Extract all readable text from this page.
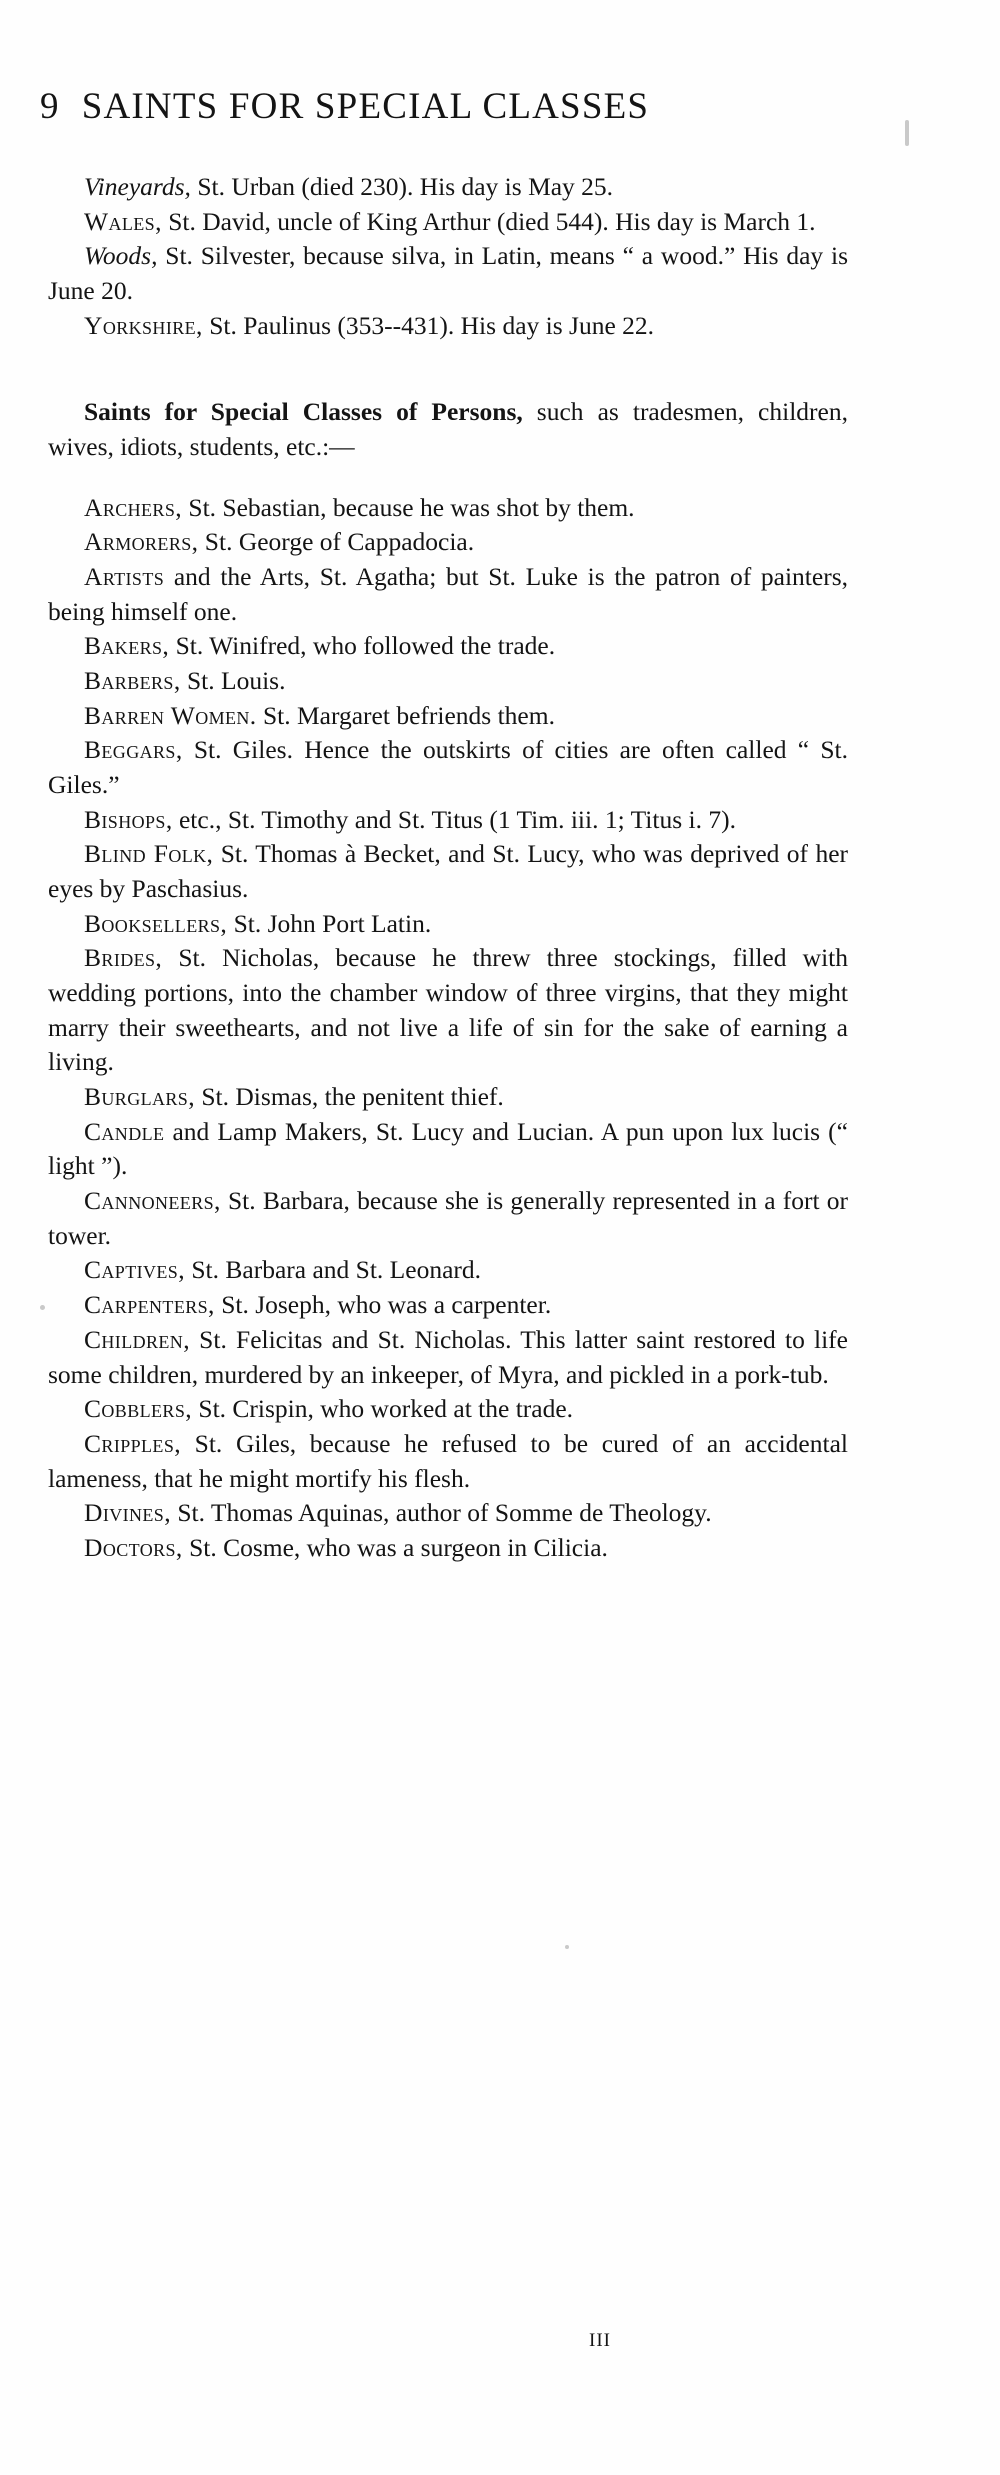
9 SAINTS FOR SPECIAL CLASSES

Vineyards, St. Urban (died 230). His day is May 25.

Wales, St. David, uncle of King Arthur (died 544). His day is March 1.

Woods, St. Silvester, because silva, in Latin, means “ a wood.” His day is June 20.

Yorkshire, St. Paulinus (353--431). His day is June 22.

Saints for Special Classes of Persons, such as tradesmen, children, wives, idiots, students, etc.:—

Archers, St. Sebastian, because he was shot by them.

Armorers, St. George of Cappadocia.

Artists and the Arts, St. Agatha; but St. Luke is the patron of painters, being himself one.

Bakers, St. Winifred, who followed the trade.

Barbers, St. Louis.

Barren Women. St. Margaret befriends them.

Beggars, St. Giles. Hence the outskirts of cities are often called “ St. Giles.”

Bishops, etc., St. Timothy and St. Titus (1 Tim. iii. 1; Titus i. 7).

Blind Folk, St. Thomas à Becket, and St. Lucy, who was deprived of her eyes by Paschasius.

Booksellers, St. John Port Latin.

Brides, St. Nicholas, because he threw three stockings, filled with wedding portions, into the chamber window of three virgins, that they might marry their sweethearts, and not live a life of sin for the sake of earning a living.

Burglars, St. Dismas, the penitent thief.

Candle and Lamp Makers, St. Lucy and Lucian. A pun upon lux lucis (“ light ”).

Cannoneers, St. Barbara, because she is generally represented in a fort or tower.

Captives, St. Barbara and St. Leonard.

Carpenters, St. Joseph, who was a carpenter.

Children, St. Felicitas and St. Nicholas. This latter saint restored to life some children, murdered by an inkeeper, of Myra, and pickled in a pork-tub.

Cobblers, St. Crispin, who worked at the trade.

Cripples, St. Giles, because he refused to be cured of an accidental lameness, that he might mortify his flesh.

Divines, St. Thomas Aquinas, author of Somme de Theology.

Doctors, St. Cosme, who was a surgeon in Cilicia.

III
